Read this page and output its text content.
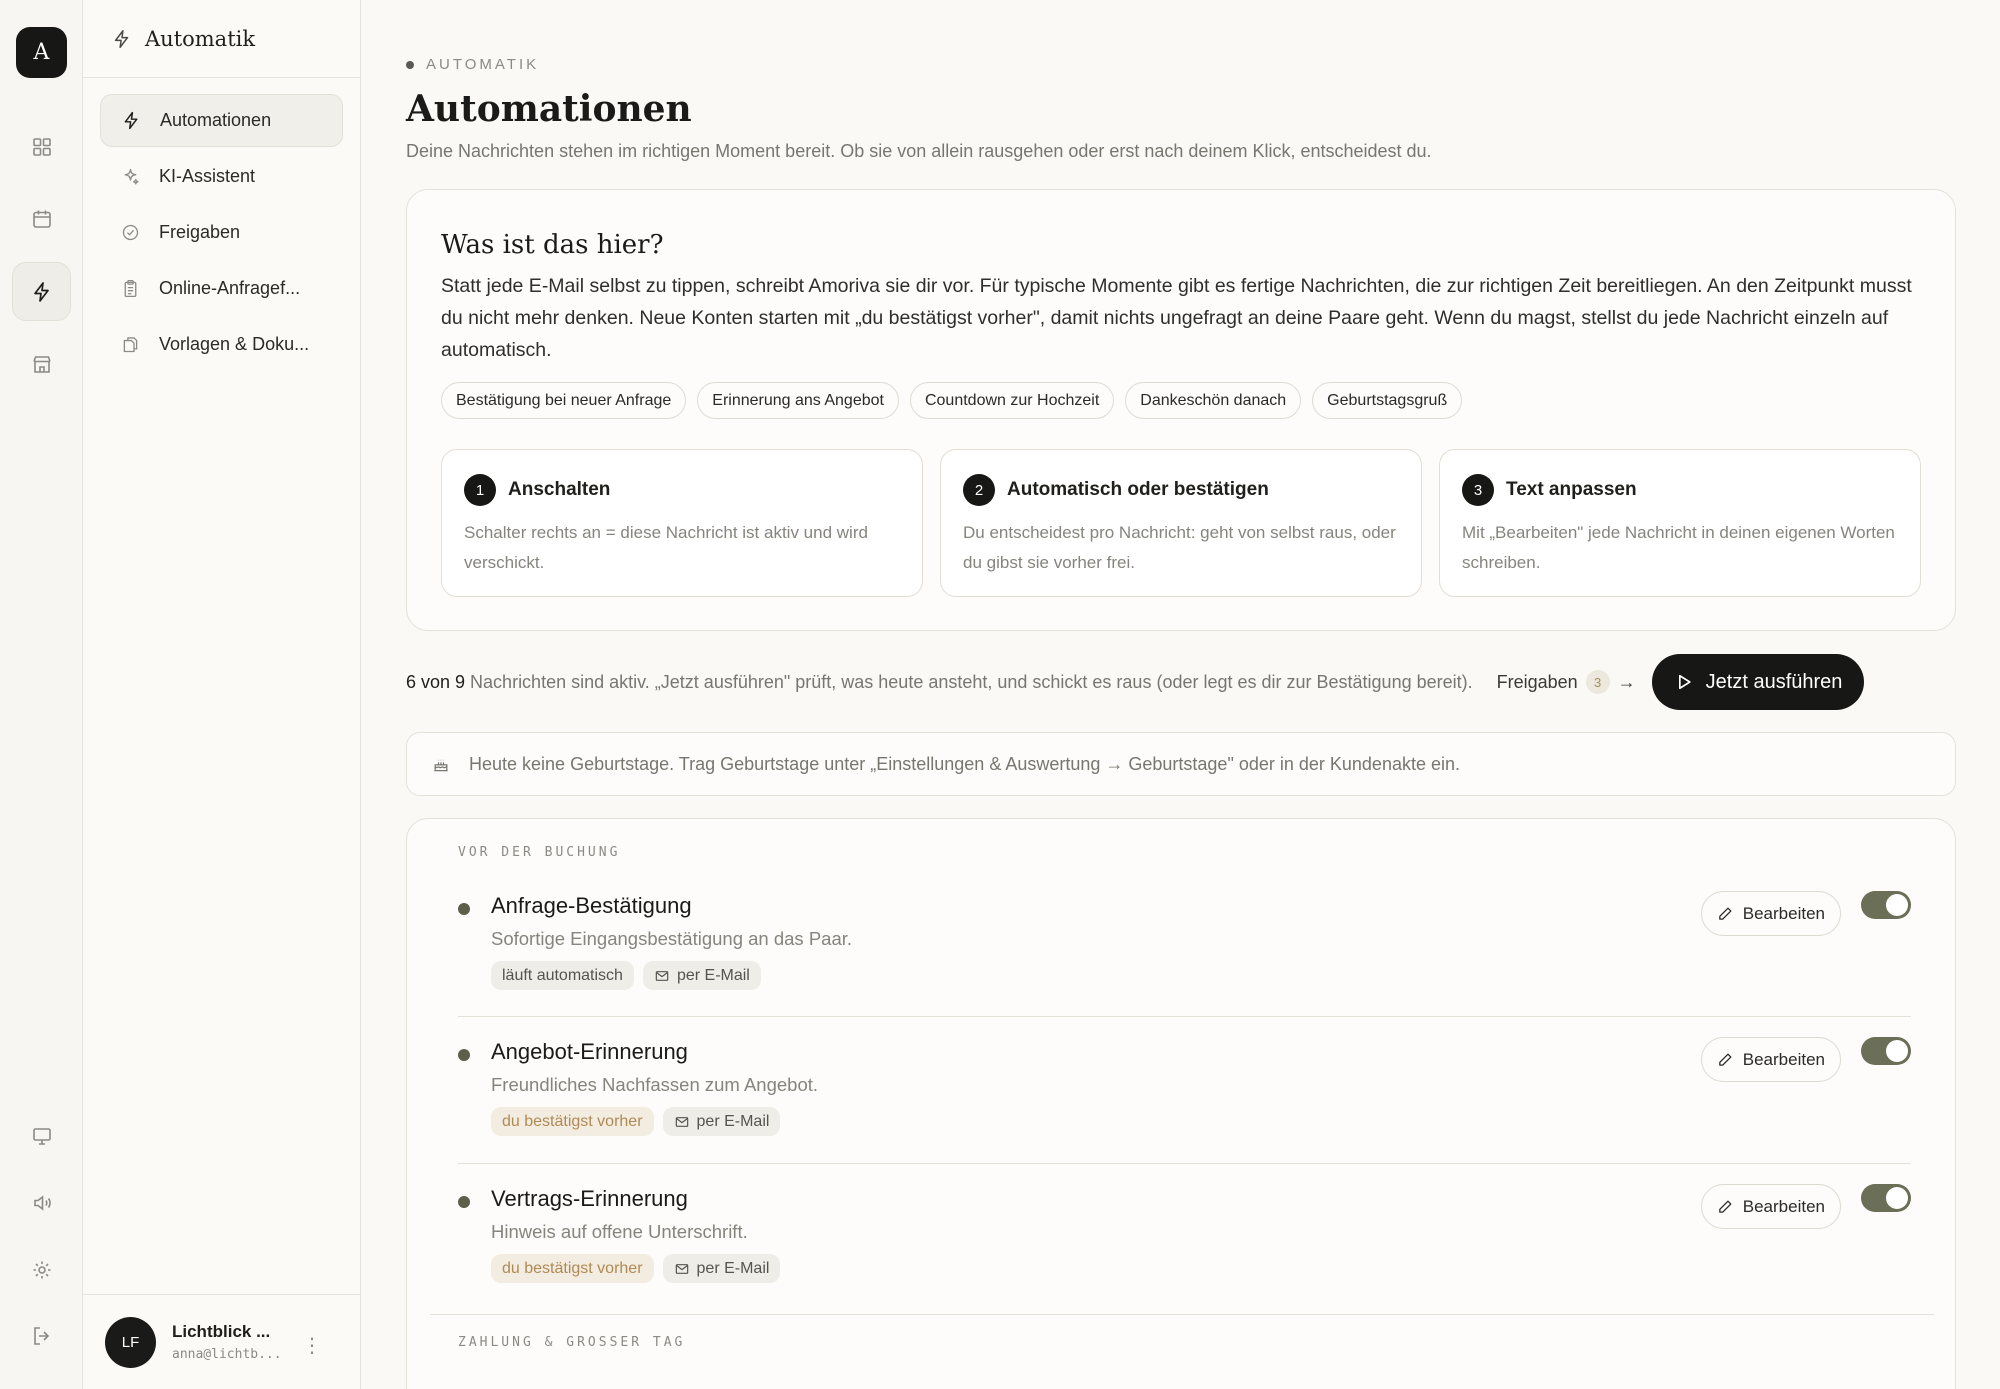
A
Automatik
Automationen
KI-Assistent
Freigaben
Online-Anfragef...
Vorlagen & Doku...
LF
Lichtblick ...
anna@lichtb... ⋮
AUTOMATIK
Automationen
Deine Nachrichten stehen im richtigen Moment bereit. Ob sie von allein rausgehen oder erst nach deinem Klick, entscheidest du.
Was ist das hier?

Statt jede E-Mail selbst zu tippen, schreibt Amoriva sie dir vor. Für typische Momente gibt es fertige Nachrichten, die zur richtigen Zeit bereitliegen. An den Zeitpunkt musst du nicht mehr denken. Neue Konten starten mit „du bestätigst vorher", damit nichts ungefragt an deine Paare geht. Wenn du magst, stellst du jede Nachricht einzeln auf automatisch.

Bestätigung bei neuer Anfrage	Erinnerung ans Angebot	Countdown zur Hochzeit	Dankeschön danach	Geburtstagsgruß
1	Anschalten
Schalter rechts an = diese Nachricht ist aktiv und wird verschickt.
2	Automatisch oder bestätigen
Du entscheidest pro Nachricht: geht von selbst raus, oder du gibst sie vorher frei.
3	Text anpassen
Mit „Bearbeiten" jede Nachricht in deinen eigenen Worten schreiben.
6 von 9 Nachrichten sind aktiv. „Jetzt ausführen" prüft, was heute ansteht, und schickt es raus (oder legt es dir zur Bestätigung bereit). Freigaben	3 →	Jetzt ausführen
Heute keine Geburtstage. Trag Geburtstage unter „Einstellungen & Auswertung → Geburtstage" oder in der Kundenakte ein.
VOR DER BUCHUNG
Anfrage-Bestätigung
Sofortige Eingangsbestätigung an das Paar.
läuft automatisch	per E-Mail
Bearbeiten
Angebot-Erinnerung
Freundliches Nachfassen zum Angebot.
du bestätigst vorher	per E-Mail
Bearbeiten
Vertrags-Erinnerung
Hinweis auf offene Unterschrift.
du bestätigst vorher	per E-Mail
Bearbeiten
ZAHLUNG & GROSSER TAG
